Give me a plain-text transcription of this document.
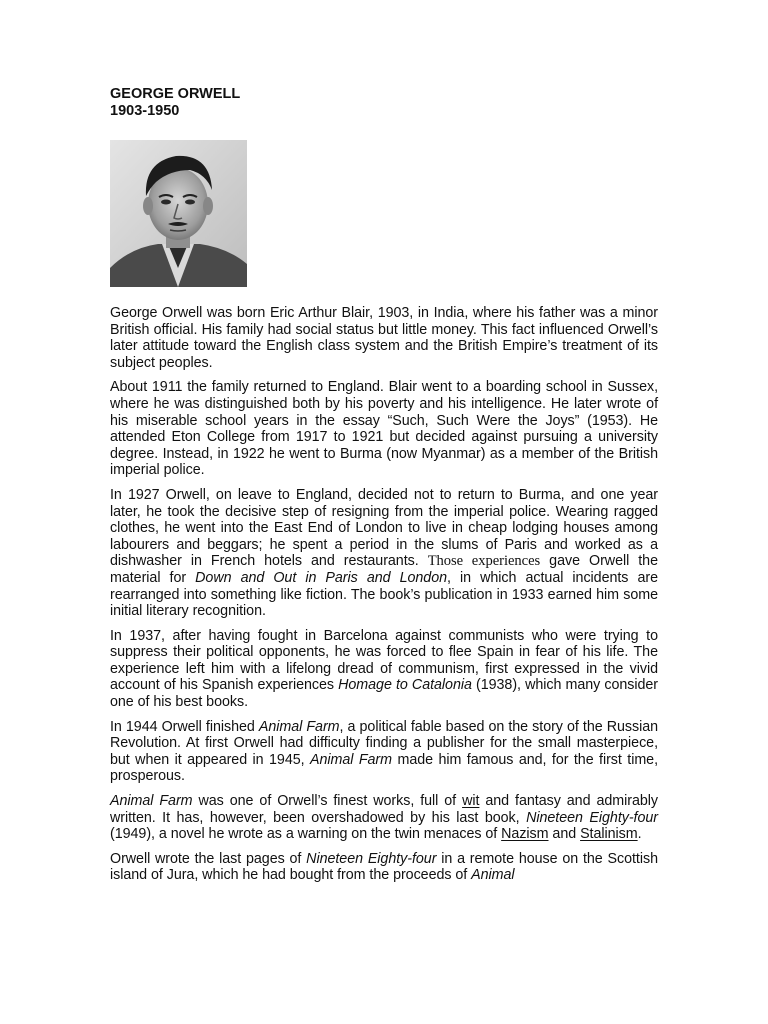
GEORGE ORWELL

1903-1950

George Orwell was born Eric Arthur Blair, 1903, in India, where his father was a minor British official. His family had social status but little money. This fact influenced Orwell’s later attitude toward the English class system and the British Empire’s treatment of its subject peoples.

About 1911 the family returned to England. Blair went to a boarding school in Sussex, where he was distinguished both by his poverty and his intelligence. He later wrote of his miserable school years in the essay “Such, Such Were the Joys” (1953). He attended Eton College from 1917 to 1921 but decided against pursuing a university degree. Instead, in 1922 he went to Burma (now Myanmar) as a member of the British imperial police.

In 1927 Orwell, on leave to England, decided not to return to Burma, and one year later, he took the decisive step of resigning from the imperial police. Wearing ragged clothes, he went into the East End of London to live in cheap lodging houses among labourers and beggars; he spent a period in the slums of Paris and worked as a dishwasher in French hotels and restaurants. Those experiences gave Orwell the material for Down and Out in Paris and London, in which actual incidents are rearranged into something like fiction. The book’s publication in 1933 earned him some initial literary recognition.

In 1937, after having fought in Barcelona against communists who were trying to suppress their political opponents, he was forced to flee Spain in fear of his life. The experience left him with a lifelong dread of communism, first expressed in the vivid account of his Spanish experiences Homage to Catalonia (1938), which many consider one of his best books.

In 1944 Orwell finished Animal Farm, a political fable based on the story of the Russian Revolution. At first Orwell had difficulty finding a publisher for the small masterpiece, but when it appeared in 1945, Animal Farm made him famous and, for the first time, prosperous.

Animal Farm was one of Orwell’s finest works, full of wit and fantasy and admirably written. It has, however, been overshadowed by his last book, Nineteen Eighty-four (1949), a novel he wrote as a warning on the twin menaces of Nazism and Stalinism.

Orwell wrote the last pages of Nineteen Eighty-four in a remote house on the Scottish island of Jura, which he had bought from the proceeds of Animal
